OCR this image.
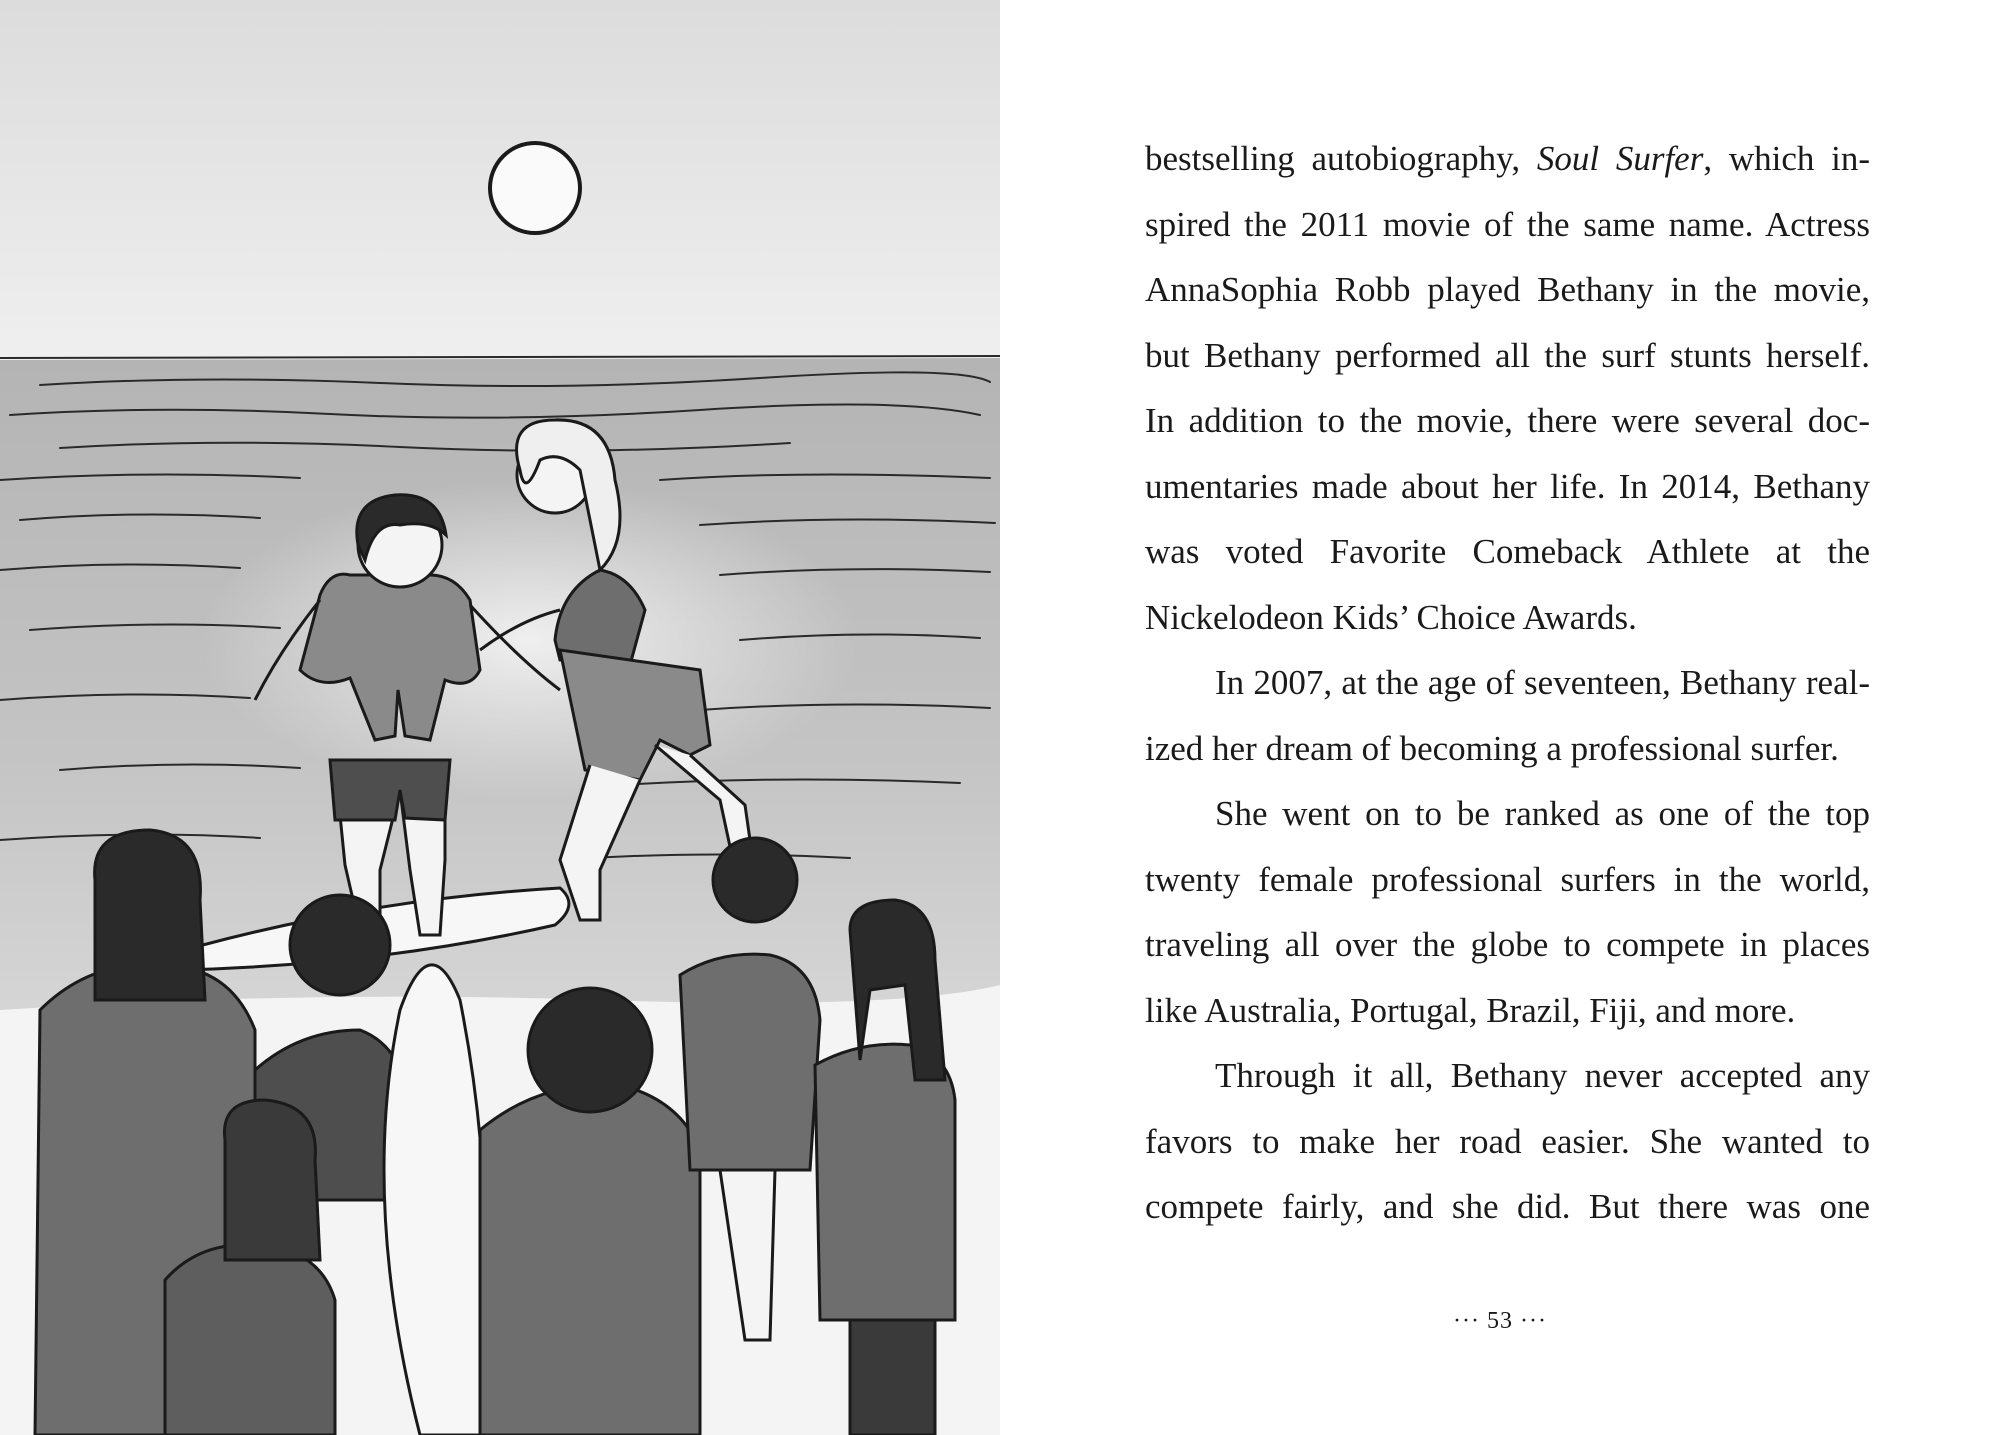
bestselling autobiography, Soul Surfer, which in-
spired the 2011 movie of the same name. Actress
AnnaSophia Robb played Bethany in the movie,
but Bethany performed all the surf stunts herself.
In addition to the movie, there were several doc-
umentaries made about her life. In 2014, Bethany
was voted Favorite Comeback Athlete at the
Nickelodeon Kids’ Choice Awards.
In 2007, at the age of seventeen, Bethany real-
ized her dream of becoming a professional surfer.
She went on to be ranked as one of the top
twenty female professional surfers in the world,
traveling all over the globe to compete in places
like Australia, Portugal, Brazil, Fiji, and more.
Through it all, Bethany never accepted any
favors to make her road easier. She wanted to
compete fairly, and she did. But there was one
··· 53 ···
